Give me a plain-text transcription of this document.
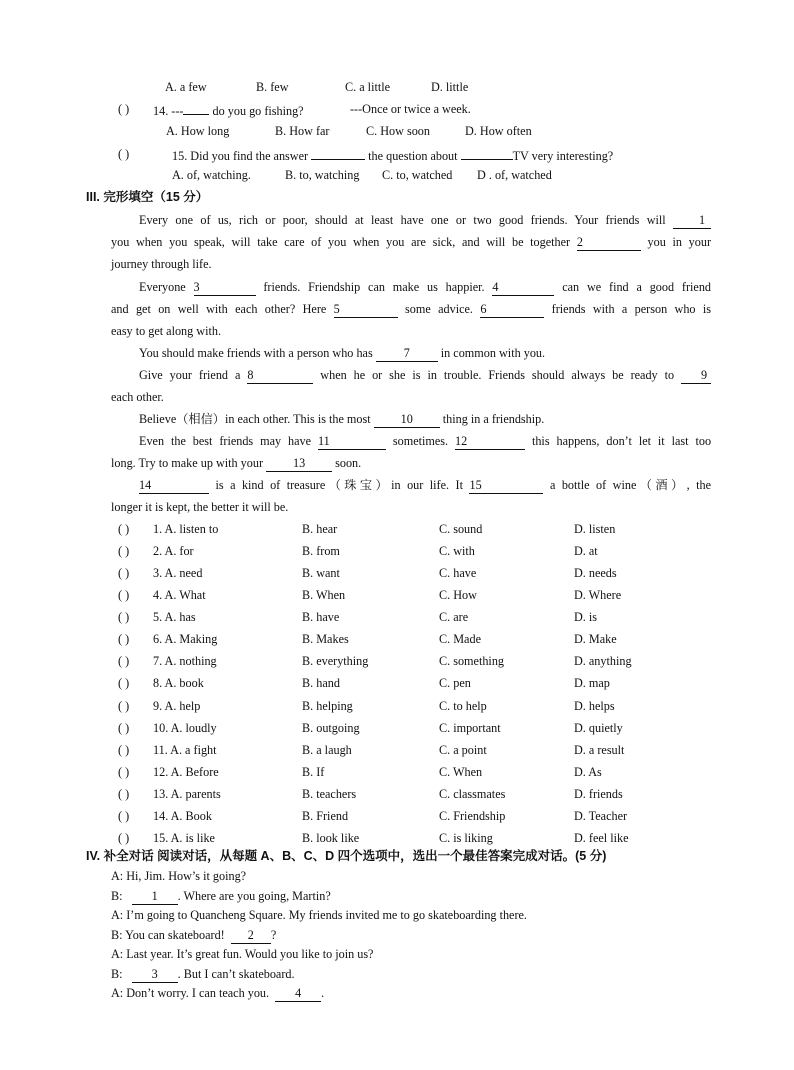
A. a few	B. few	C. a little	D. little
( ) 14. --- do you go fishing?	---Once or twice a week.
A. How long	B. How far	C. How soon	D. How often
( )	15. Did you find the answer	the question about	TV very interesting?
A. of, watching.	B. to, watching C. to, watched D . of, watched
III. 完形填空（15 分）
Every one of us, rich or poor, should at least have one or two good friends. Your friends will	1
you when you speak, will take care of you when you are sick, and will be together 2	you in your
journey through life.
Everyone 3	friends. Friendship can make us happier. 4	can we find a good friend
and get on well with each other? Here 5	some advice. 6	friends with a person who is
easy to get along with.
You should make friends with a person who has	7	in common with you.
Give your friend a 8	when he or she is in trouble. Friends should always be ready to 9
each other.
Believe（相信）in each other. This is the most 10 thing in a friendship.
Even the best friends may have 11	sometimes. 12	this happens, don’t let it last too
long. Try to make up with your 13 soon.
14	is a kind of treasure（珠宝）in our life. It 15	a bottle of wine（酒）, the
longer it is kept, the better it will be.
( ) 1. A. listen to	B. hear	C. sound	D. listen
( ) 2. A. for	B. from	C. with	D. at
( ) 3. A. need	B. want	C. have	D. needs
( ) 4. A. What	B. When	C. How	D. Where
( ) 5. A. has	B. have	C. are	D. is
( ) 6. A. Making	B. Makes	C. Made	D. Make
( ) 7. A. nothing	B. everything	C. something	D. anything
( ) 8. A. book	B. hand	C. pen	D. map
( ) 9. A. help	B. helping	C. to help	D. helps
( ) 10. A. loudly	B. outgoing	C. important	D. quietly
( ) 11. A. a fight	B. a laugh	C. a point	D. a result
( ) 12. A. Before	B. If	C. When	D. As
( ) 13. A. parents	B. teachers	C. classmates	D. friends
( ) 14. A. Book	B. Friend	C. Friendship	D. Teacher
( ) 15. A. is like	B. look like	C. is liking	D. feel like
IV. 补全对话 阅读对话，从每题 A、B、C、D 四个选项中，选出一个最佳答案完成对话。(5 分)
A: Hi, Jim. How’s it going?
B: 1 . Where are you going, Martin?
A: I’m going to Quancheng Square. My friends invited me to go skateboarding there.
B: You can skateboard! 2 ?
A: Last year. It’s great fun. Would you like to join us?
B: 3 . But I can’t skateboard.
A: Don’t worry. I can teach you. 4 .
